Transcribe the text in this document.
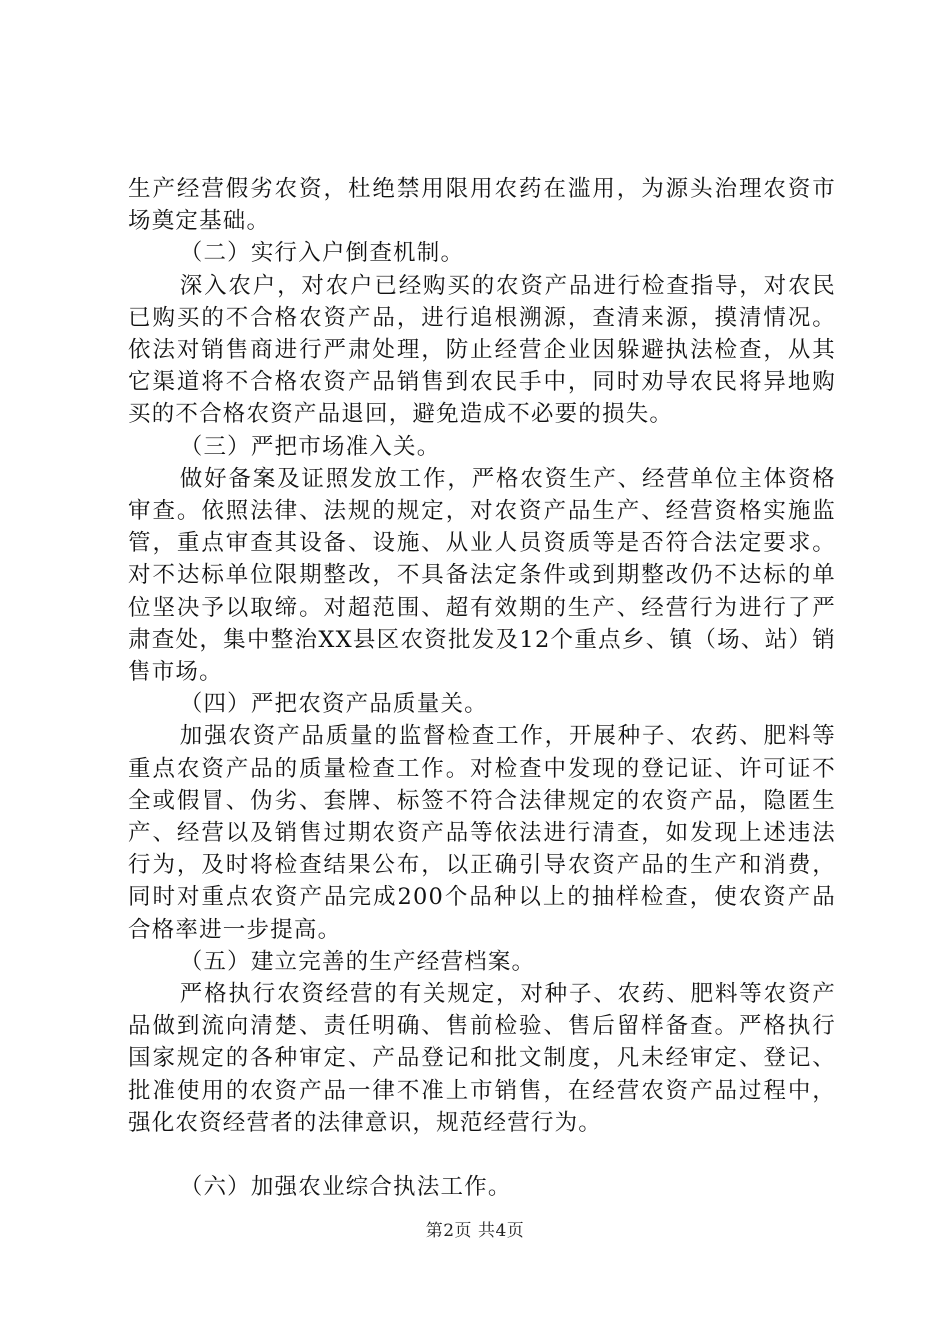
生产经营假劣农资，杜绝禁用限用农药在滥用，为源头治理农资市场奠定基础。

（二）实行入户倒查机制。

深入农户，对农户已经购买的农资产品进行检查指导，对农民已购买的不合格农资产品，进行追根溯源，查清来源，摸清情况。依法对销售商进行严肃处理，防止经营企业因躲避执法检查，从其它渠道将不合格农资产品销售到农民手中，同时劝导农民将异地购买的不合格农资产品退回，避免造成不必要的损失。

（三）严把市场准入关。

做好备案及证照发放工作，严格农资生产、经营单位主体资格审查。依照法律、法规的规定，对农资产品生产、经营资格实施监管，重点审查其设备、设施、从业人员资质等是否符合法定要求。对不达标单位限期整改，不具备法定条件或到期整改仍不达标的单位坚决予以取缔。对超范围、超有效期的生产、经营行为进行了严肃查处，集中整治XX县区农资批发及12个重点乡、镇（场、站）销售市场。

（四）严把农资产品质量关。

加强农资产品质量的监督检查工作，开展种子、农药、肥料等重点农资产品的质量检查工作。对检查中发现的登记证、许可证不全或假冒、伪劣、套牌、标签不符合法律规定的农资产品，隐匿生产、经营以及销售过期农资产品等依法进行清查，如发现上述违法行为，及时将检查结果公布，以正确引导农资产品的生产和消费，同时对重点农资产品完成200个品种以上的抽样检查，使农资产品合格率进一步提高。

（五）建立完善的生产经营档案。

严格执行农资经营的有关规定，对种子、农药、肥料等农资产品做到流向清楚、责任明确、售前检验、售后留样备查。严格执行国家规定的各种审定、产品登记和批文制度，凡未经审定、登记、批准使用的农资产品一律不准上市销售，在经营农资产品过程中，强化农资经营者的法律意识，规范经营行为。

（六）加强农业综合执法工作。

第2页 共4页
